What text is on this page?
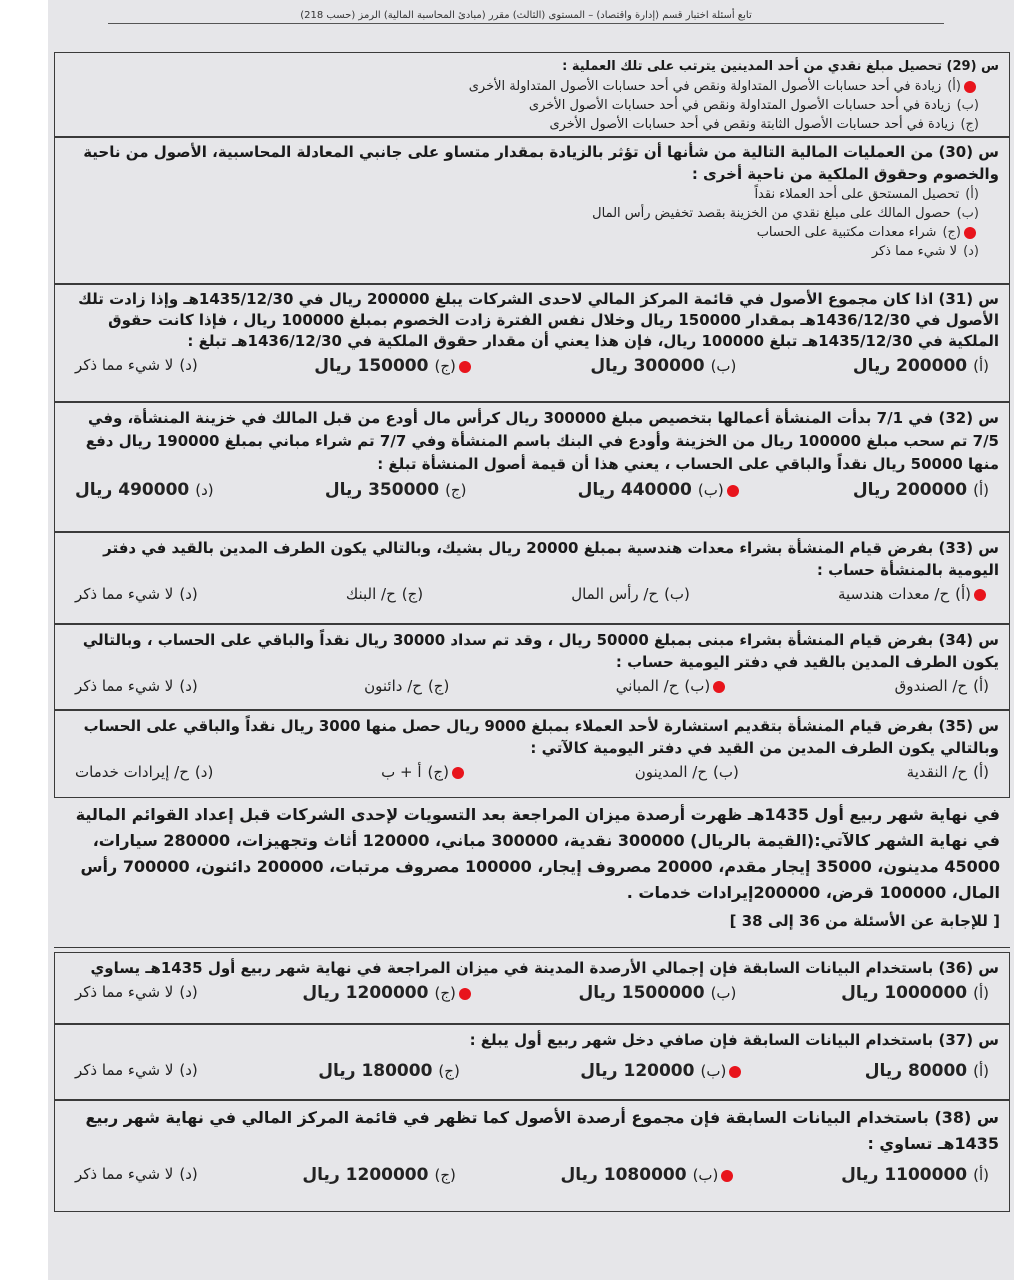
تابع أسئلة اختبار قسم (إدارة واقتصاد) – المستوى (الثالث) مقرر (مبادئ المحاسبة المالية) الرمز (حسب 218)
س (29) تحصيل مبلغ نقدي من أحد المدينين يترتب على تلك العملية :
(أ)زيادة في أحد حسابات الأصول المتداولة ونقص في أحد حسابات الأصول المتداولة الأخرى
(ب)زيادة في أحد حسابات الأصول المتداولة ونقص في أحد حسابات الأصول الأخرى
(ج)زيادة في أحد حسابات الأصول الثابتة ونقص في أحد حسابات الأصول الأخرى
س (30) من العمليات المالية التالية من شأنها أن تؤثر بالزيادة بمقدار متساو على جانبي المعادلة المحاسبية، الأصول من ناحية والخصوم وحقوق الملكية من ناحية أخرى :
(أ)تحصيل المستحق على أحد العملاء نقداً
(ب)حصول المالك على مبلغ نقدي من الخزينة بقصد تخفيض رأس المال
(ج)شراء معدات مكتبية على الحساب
(د)لا شيء مما ذكر
س (31) اذا كان مجموع الأصول في قائمة المركز المالي لاحدى الشركات يبلغ 200000 ريال في 1435/12/30هـ وإذا زادت تلك الأصول في 1436/12/30هـ بمقدار 150000 ريال وخلال نفس الفترة زادت الخصوم بمبلغ 100000 ريال ، فإذا كانت حقوق الملكية في 1435/12/30هـ تبلغ 100000 ريال، فإن هذا يعني أن مقدار حقوق الملكية في 1436/12/30هـ تبلغ :
(أ)200000 ريال
(ب)300000 ريال
(ج)150000 ريال
(د)لا شيء مما ذكر
س (32) في 7/1 بدأت المنشأة أعمالها بتخصيص مبلغ 300000 ريال كرأس مال أودع من قبل المالك في خزينة المنشأة، وفي 7/5 تم سحب مبلغ 100000 ريال من الخزينة وأودع في البنك باسم المنشأة وفي 7/7 تم شراء مباني بمبلغ 190000 ريال دفع منها 50000 ريال نقداً والباقي على الحساب ، يعني هذا أن قيمة أصول المنشأة تبلغ :
(أ)200000 ريال
(ب)440000 ريال
(ج)350000 ريال
(د)490000 ريال
س (33) بفرض قيام المنشأة بشراء معدات هندسية بمبلغ 20000 ريال بشيك، وبالتالي يكون الطرف المدين بالقيد في دفتر اليومية بالمنشأة حساب :
(أ)ح/ معدات هندسية
(ب)ح/ رأس المال
(ج)ح/ البنك
(د)لا شيء مما ذكر
س (34) بفرض قيام المنشأة بشراء مبنى بمبلغ 50000 ريال ، وقد تم سداد 30000 ريال نقداً والباقي على الحساب ، وبالتالي يكون الطرف المدين بالقيد في دفتر اليومية حساب :
(أ)ح/ الصندوق
(ب)ح/ المباني
(ج)ح/ دائنون
(د)لا شيء مما ذكر
س (35) بفرض قيام المنشأة بتقديم استشارة لأحد العملاء بمبلغ 9000 ريال حصل منها 3000 ريال نقداً والباقي على الحساب وبالتالي يكون الطرف المدين من القيد في دفتر اليومية كالآتي :
(أ)ح/ النقدية
(ب)ح/ المدينون
(ج)أ + ب
(د)ح/ إيرادات خدمات
في نهاية شهر ربيع أول 1435هـ ظهرت أرصدة ميزان المراجعة بعد التسويات لإحدى الشركات قبل إعداد القوائم المالية في نهاية الشهر كالآتي:(القيمة بالريال) 300000 نقدية، 300000 مباني، 120000 أثاث وتجهيزات، 280000 سيارات، 45000 مدينون، 35000 إيجار مقدم، 20000 مصروف إيجار، 100000 مصروف مرتبات، 200000 دائنون، 700000 رأس المال، 100000 قرض، 200000إيرادات خدمات .
[ للإجابة عن الأسئلة من 36 إلى 38 ]
س (36) باستخدام البيانات السابقة فإن إجمالي الأرصدة المدينة في ميزان المراجعة في نهاية شهر ربيع أول 1435هـ يساوي
(أ)1000000 ريال
(ب)1500000 ريال
(ج)1200000 ريال
(د)لا شيء مما ذكر
س (37) باستخدام البيانات السابقة فإن صافي دخل شهر ربيع أول يبلغ :
(أ)80000 ريال
(ب)120000 ريال
(ج)180000 ريال
(د)لا شيء مما ذكر
س (38) باستخدام البيانات السابقة فإن مجموع أرصدة الأصول كما تظهر في قائمة المركز المالي في نهاية شهر ربيع 1435هـ تساوي :
(أ)1100000 ريال
(ب)1080000 ريال
(ج)1200000 ريال
(د)لا شيء مما ذكر
